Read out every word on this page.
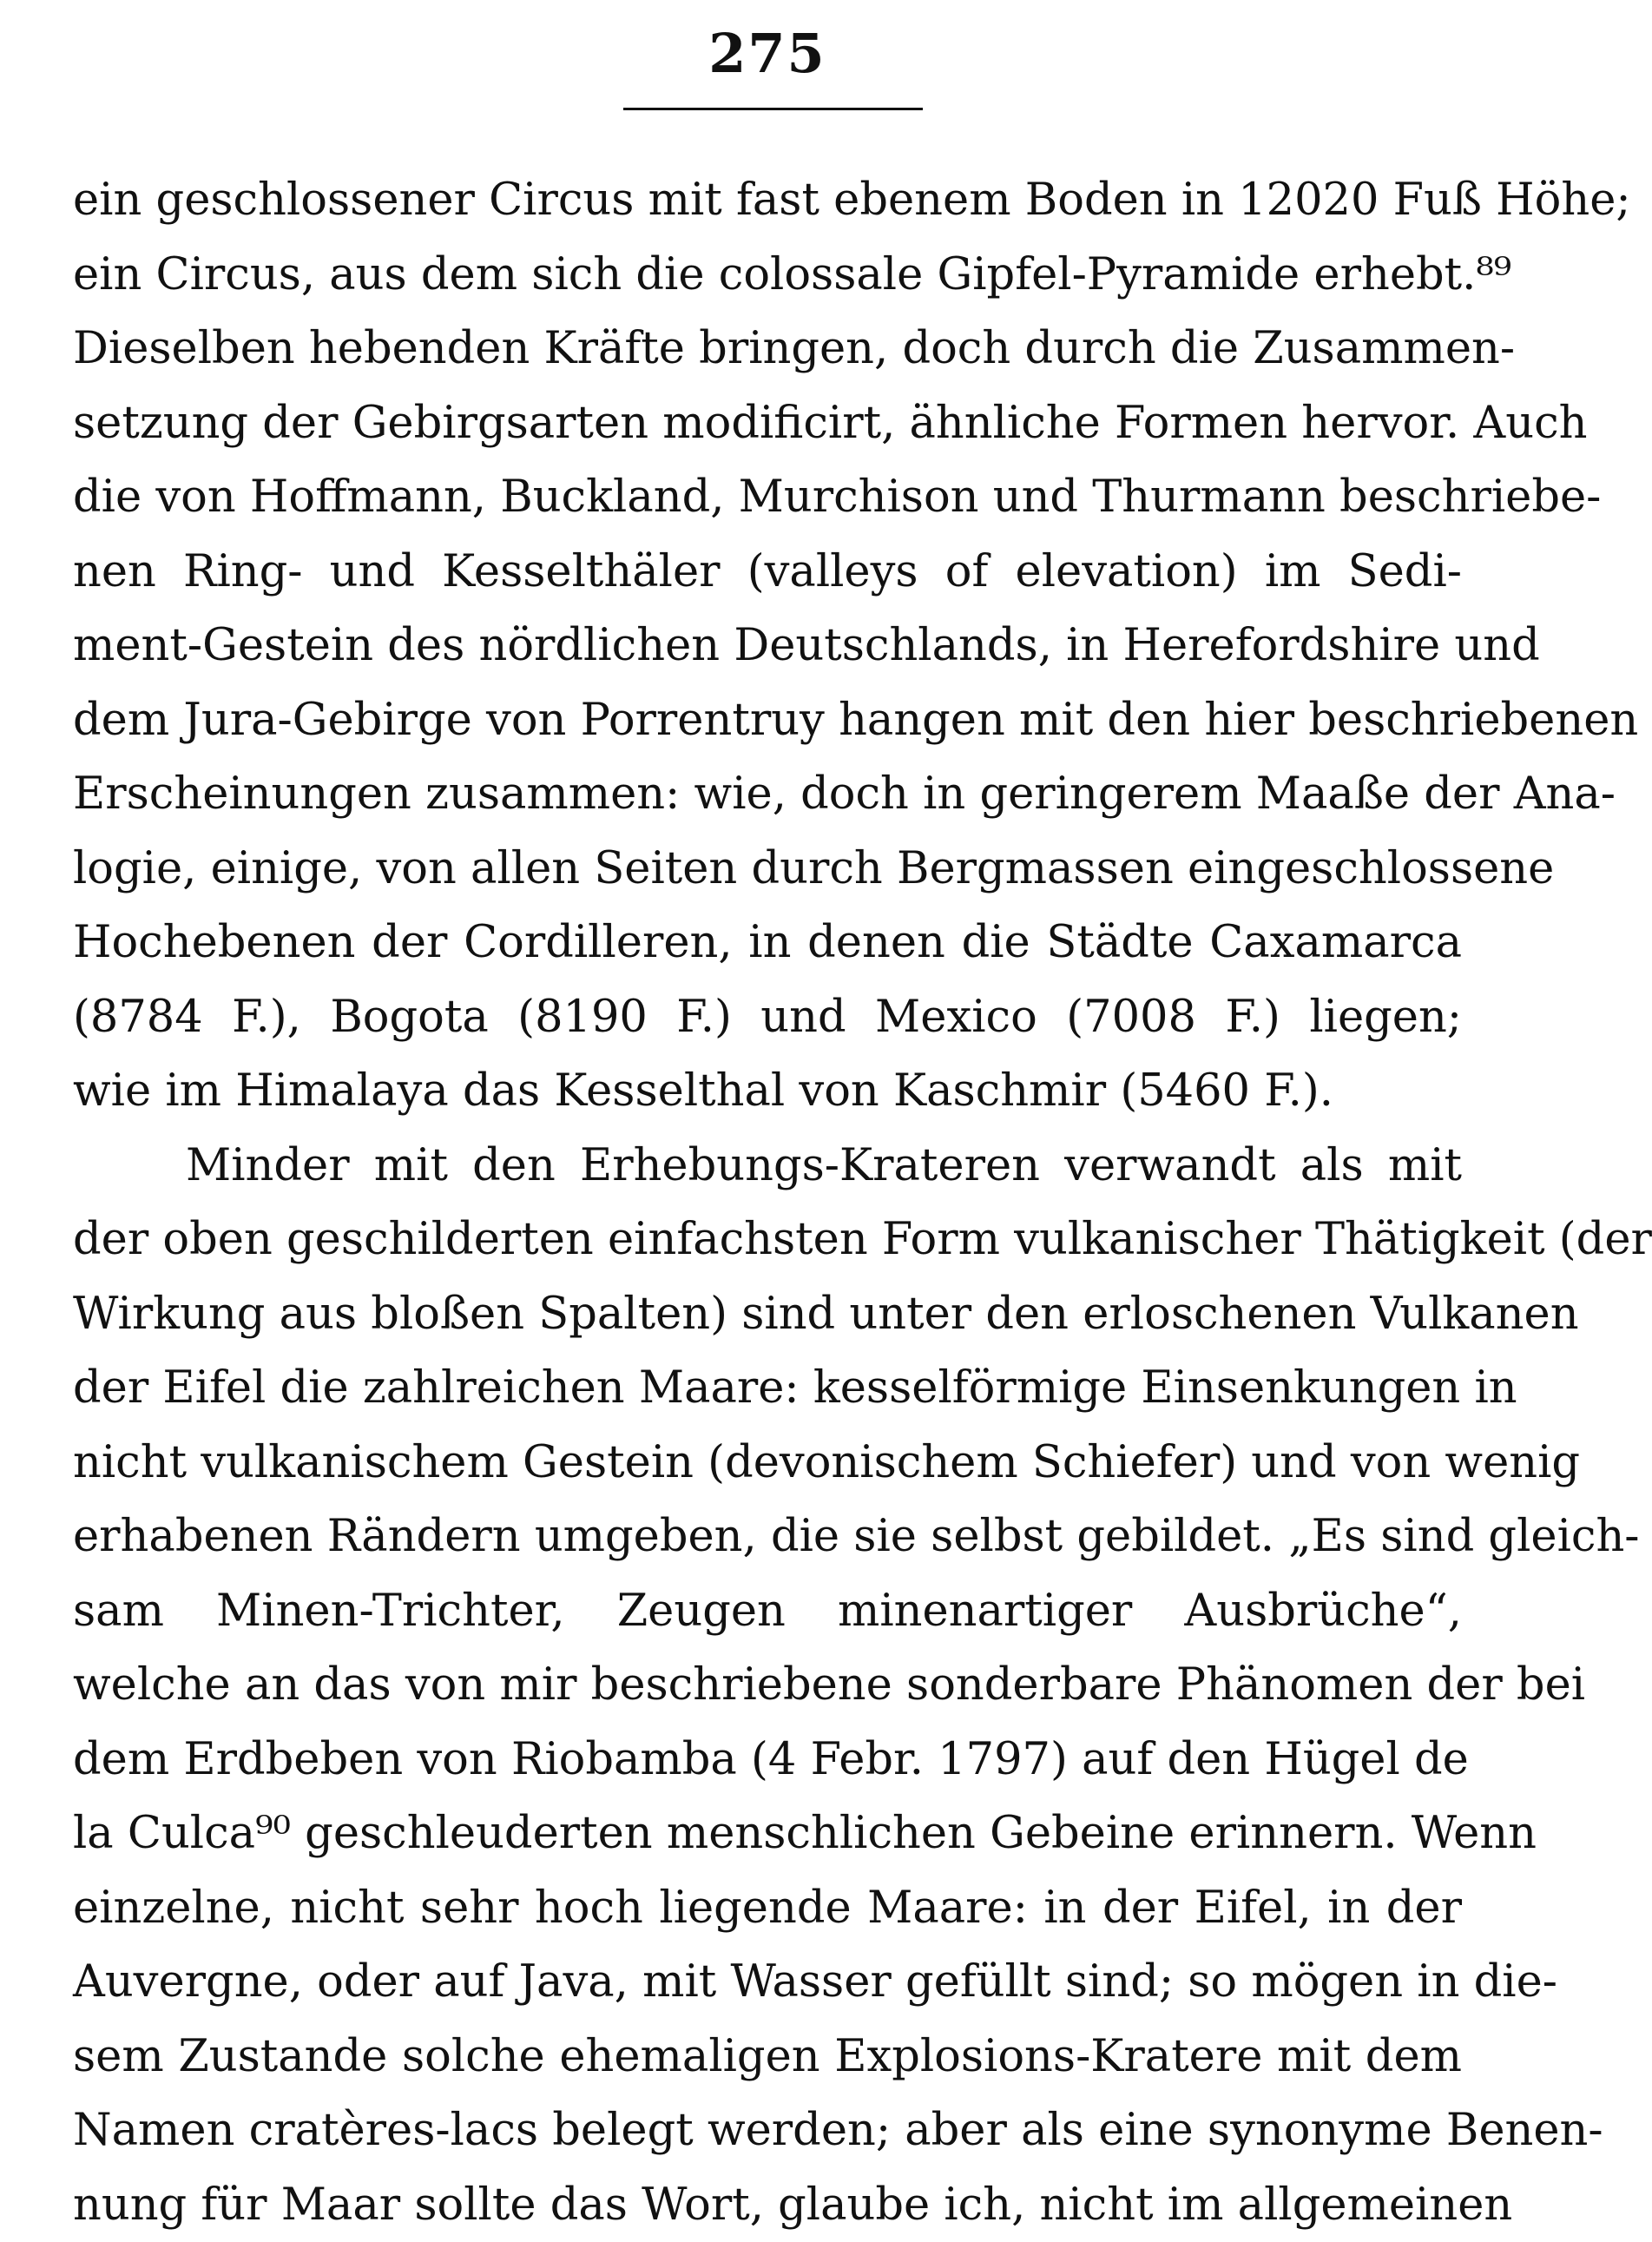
275
ein geschlossener Circus mit fast ebenem Boden in 12020 Fuß Höhe;
ein Circus, aus dem sich die colossale Gipfel-Pyramide erhebt.⁸⁹
Dieselben hebenden Kräfte bringen, doch durch die Zusammen-
setzung der Gebirgsarten modificirt, ähnliche Formen hervor. Auch
die von Hoffmann, Buckland, Murchison und Thurmann beschriebe-
nen Ring- und Kesselthäler (valleys of elevation) im Sedi-
ment-Gestein des nördlichen Deutschlands, in Herefordshire und
dem Jura-Gebirge von Porrentruy hangen mit den hier beschriebenen
Erscheinungen zusammen: wie, doch in geringerem Maaße der Ana-
logie, einige, von allen Seiten durch Bergmassen eingeschlossene
Hochebenen der Cordilleren, in denen die Städte Caxamarca
(8784 F.), Bogota (8190 F.) und Mexico (7008 F.) liegen;
wie im Himalaya das Kesselthal von Kaschmir (5460 F.).
Minder mit den Erhebungs-Krateren verwandt als mit
der oben geschilderten einfachsten Form vulkanischer Thätigkeit (der
Wirkung aus bloßen Spalten) sind unter den erloschenen Vulkanen
der Eifel die zahlreichen Maare: kesselförmige Einsenkungen in
nicht vulkanischem Gestein (devonischem Schiefer) und von wenig
erhabenen Rändern umgeben, die sie selbst gebildet. „Es sind gleich-
sam Minen-Trichter, Zeugen minenartiger Ausbrüche“,
welche an das von mir beschriebene sonderbare Phänomen der bei
dem Erdbeben von Riobamba (4 Febr. 1797) auf den Hügel de
la Culca⁹⁰ geschleuderten menschlichen Gebeine erinnern. Wenn
einzelne, nicht sehr hoch liegende Maare: in der Eifel, in der
Auvergne, oder auf Java, mit Wasser gefüllt sind; so mögen in die-
sem Zustande solche ehemaligen Explosions-Kratere mit dem
Namen cratères-lacs belegt werden; aber als eine synonyme Benen-
nung für Maar sollte das Wort, glaube ich, nicht im allgemeinen
